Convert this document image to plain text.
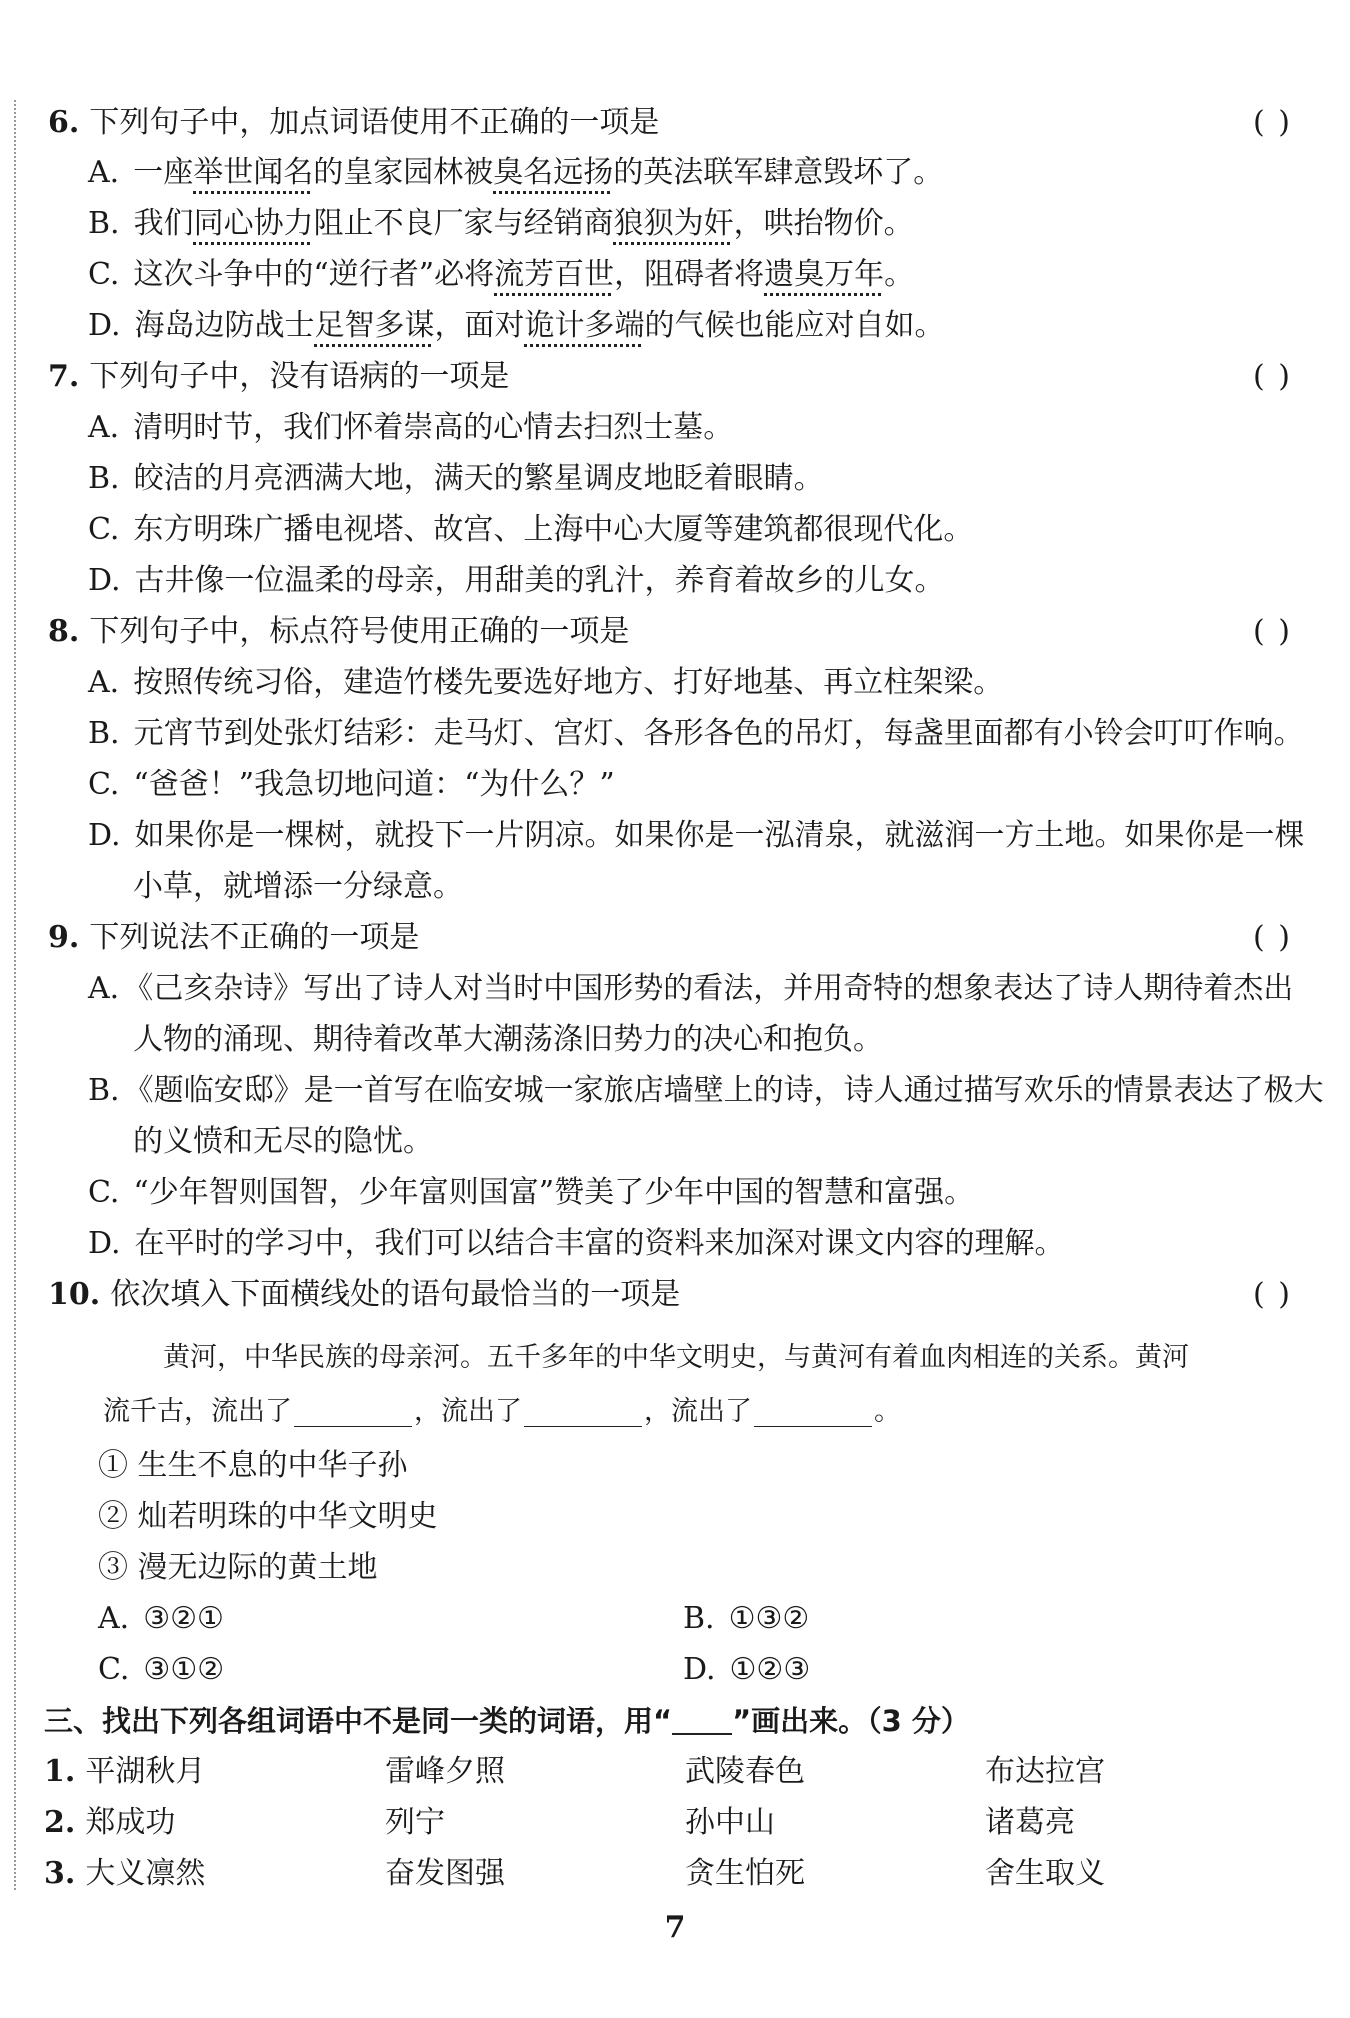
6. 下列句子中，加点词语使用不正确的一项是	( )
A. 一座 举世闻名 的皇家园林被 臭名远扬 的英法联军肆意毁坏了。
B. 我们 同心协力 阻止不良厂家与经销商 狼狈为奸 ，哄抬物价。
C. 这次斗争中的“逆行者”必将 流芳百世 ，阻碍者将 遗臭万年 。
D. 海岛边防战士 足智多谋 ，面对 诡计多端 的气候也能应对自如。
7. 下列句子中，没有语病的一项是	( )
A. 清明时节，我们怀着崇高的心情去扫烈士墓。
B. 皎洁的月亮洒满大地，满天的繁星调皮地眨着眼睛。
C. 东方明珠广播电视塔、故宫、上海中心大厦等建筑都很现代化。
D. 古井像一位温柔的母亲，用甜美的乳汁，养育着故乡的儿女。
8. 下列句子中，标点符号使用正确的一项是	( )
A. 按照传统习俗，建造竹楼先要选好地方、打好地基、再立柱架梁。
B. 元宵节到处张灯结彩：走马灯、宫灯、各形各色的吊灯，每盏里面都有小铃会叮叮作响。
C. “爸爸！”我急切地问道：“为什么？”
D. 如果你是一棵树，就投下一片阴凉。如果你是一泓清泉，就滋润一方土地。如果你是一棵
小草，就增添一分绿意。
9. 下列说法不正确的一项是	( )
A. 《己亥杂诗》写出了诗人对当时中国形势的看法，并用奇特的想象表达了诗人期待着杰出
人物的涌现、期待着改革大潮荡涤旧势力的决心和抱负。
B. 《题临安邸》是一首写在临安城一家旅店墙壁上的诗，诗人通过描写欢乐的情景表达了极大
的义愤和无尽的隐忧。
C. “少年智则国智，少年富则国富”赞美了少年中国的智慧和富强。
D. 在平时的学习中，我们可以结合丰富的资料来加深对课文内容的理解。
10. 依次填入下面横线处的语句最恰当的一项是	( )
黄河，中华民族的母亲河。五千多年的中华文明史，与黄河有着血肉相连的关系。黄河
流千古，流出了	，流出了	，流出了	。
① 生生不息的中华子孙
② 灿若明珠的中华文明史
③ 漫无边际的黄土地
A. ③②①	B. ①③②
C. ③①②	D. ①②③
三、找出下列各组词语中不是同一类的词语，用“ ”画出来。（3 分）
1. 平湖秋月	雷峰夕照	武陵春色	布达拉宫
2. 郑成功	列宁	孙中山	诸葛亮
3. 大义凛然	奋发图强	贪生怕死	舍生取义
7
